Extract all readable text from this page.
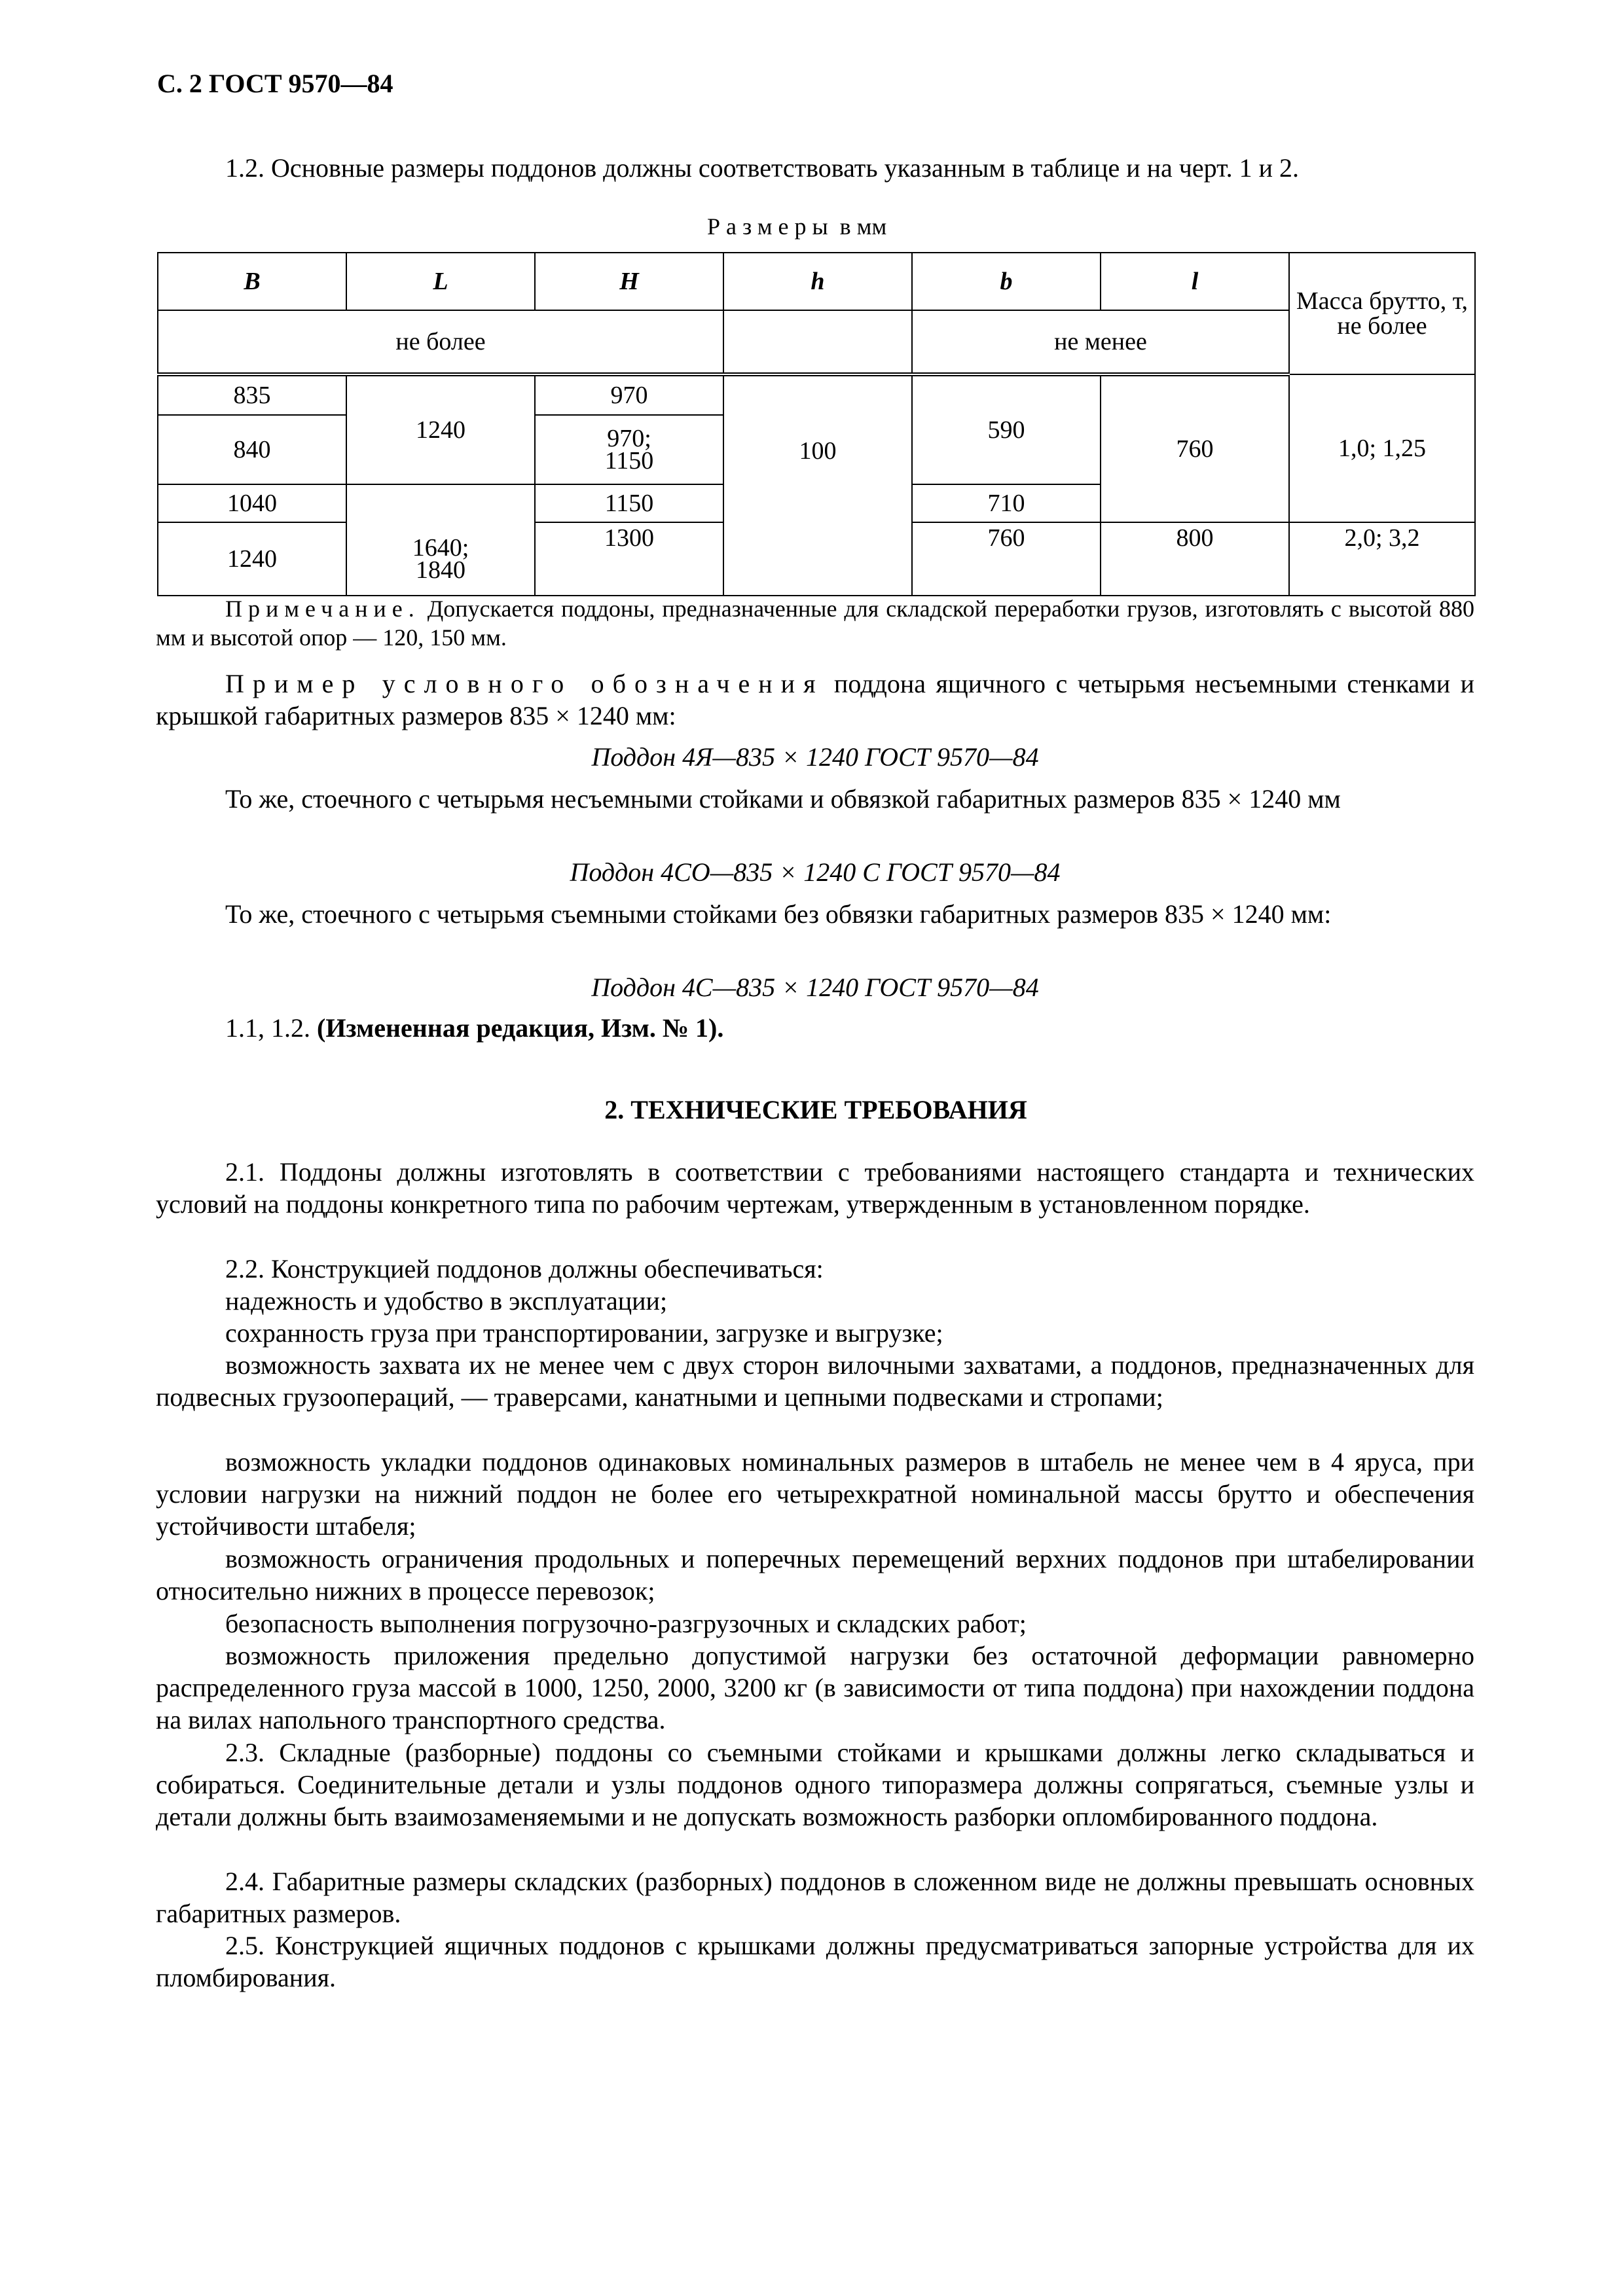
С. 2 ГОСТ 9570—84
1.2. Основные размеры поддонов должны соответствовать указанным в таблице и на черт. 1 и 2.
Размеры в мм
B	L	H	h	b	l	Масса брутто, т, не более
не более				не менее		
835	1240	970	100	590	760	1,0; 1,25
840		970; 1150				

1040		1150		710		
1240	1640; 1840	1300		760	800	2,0; 3,2
Примечание. Допускается поддоны, предназначенные для складской переработки грузов, изготовлять с высотой 880 мм и высотой опор — 120, 150 мм.
Пример условного обозначения поддона ящичного с четырьмя несъемными стенками и крышкой габаритных размеров 835 × 1240 мм:
Поддон 4Я—835 × 1240 ГОСТ 9570—84
То же, стоечного с четырьмя несъемными стойками и обвязкой габаритных размеров 835 × 1240 мм
Поддон 4СО—835 × 1240 С ГОСТ 9570—84
То же, стоечного с четырьмя съемными стойками без обвязки габаритных размеров 835 × 1240 мм:
Поддон 4С—835 × 1240 ГОСТ 9570—84
1.1, 1.2. (Измененная редакция, Изм. № 1).
2. ТЕХНИЧЕСКИЕ ТРЕБОВАНИЯ
2.1. Поддоны должны изготовлять в соответствии с требованиями настоящего стандарта и технических условий на поддоны конкретного типа по рабочим чертежам, утвержденным в установленном порядке.
2.2. Конструкцией поддонов должны обеспечиваться:
надежность и удобство в эксплуатации;
сохранность груза при транспортировании, загрузке и выгрузке;
возможность захвата их не менее чем с двух сторон вилочными захватами, а поддонов, предназначенных для подвесных грузоопераций, — траверсами, канатными и цепными подвесками и стропами;
возможность укладки поддонов одинаковых номинальных размеров в штабель не менее чем в 4 яруса, при условии нагрузки на нижний поддон не более его четырехкратной номинальной массы брутто и обеспечения устойчивости штабеля;
возможность ограничения продольных и поперечных перемещений верхних поддонов при штабелировании относительно нижних в процессе перевозок;
безопасность выполнения погрузочно-разгрузочных и складских работ;
возможность приложения предельно допустимой нагрузки без остаточной деформации равномерно распределенного груза массой в 1000, 1250, 2000, 3200 кг (в зависимости от типа поддона) при нахождении поддона на вилах напольного транспортного средства.
2.3. Складные (разборные) поддоны со съемными стойками и крышками должны легко складываться и собираться. Соединительные детали и узлы поддонов одного типоразмера должны сопрягаться, съемные узлы и детали должны быть взаимозаменяемыми и не допускать возможность разборки опломбированного поддона.
2.4. Габаритные размеры складских (разборных) поддонов в сложенном виде не должны превышать основных габаритных размеров.
2.5. Конструкцией ящичных поддонов с крышками должны предусматриваться запорные устройства для их пломбирования.
